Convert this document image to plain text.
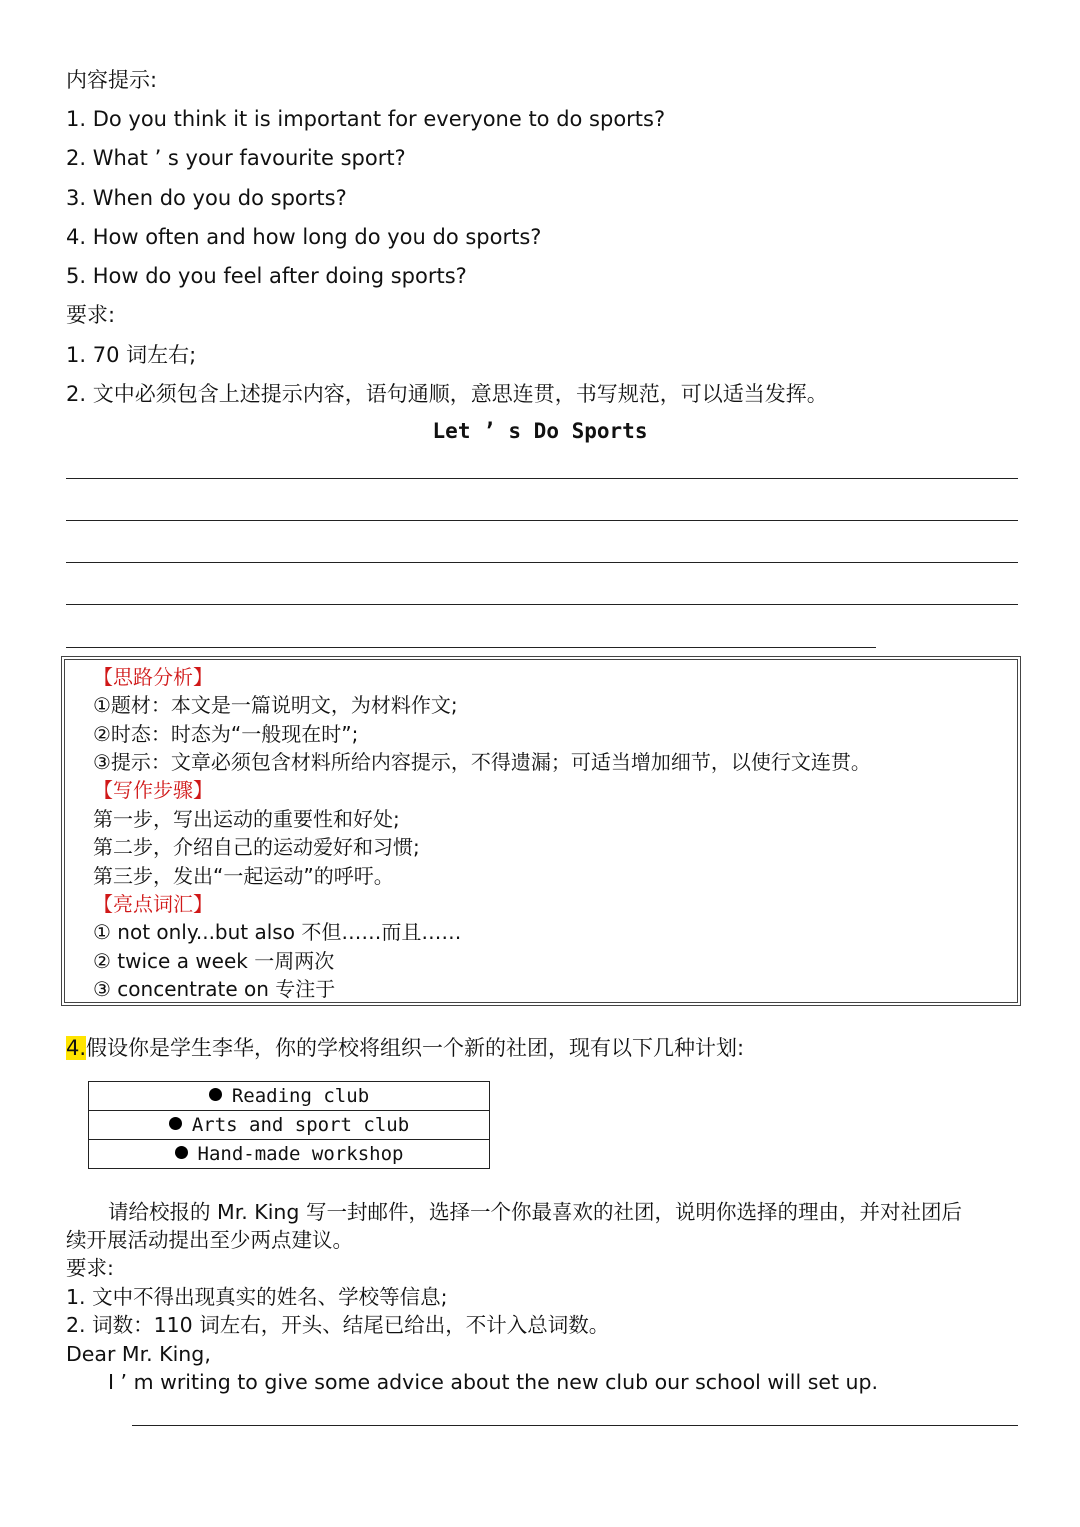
内容提示:
1. Do you think it is important for everyone to do sports?
2. What ’ s your favourite sport?
3. When do you do sports?
4. How often and how long do you do sports?
5. How do you feel after doing sports?
要求:
1. 70 词左右;
2. 文中必须包含上述提示内容，语句通顺，意思连贯，书写规范，可以适当发挥。
Let ’ s Do Sports
【思路分析】
①题材：本文是一篇说明文，为材料作文;
②时态：时态为“一般现在时”;
③提示：文章必须包含材料所给内容提示，不得遗漏；可适当增加细节，以使行文连贯。
【写作步骤】
第一步，写出运动的重要性和好处;
第二步，介绍自己的运动爱好和习惯;
第三步，发出“一起运动”的呼吁。
【亮点词汇】
① not only...but also 不但……而且……
② twice a week 一周两次
③ concentrate on 专注于
4.假设你是学生李华，你的学校将组织一个新的社团，现有以下几种计划:
Reading club
Arts and sport club
Hand-made workshop
请给校报的 Mr. King 写一封邮件，选择一个你最喜欢的社团，说明你选择的理由，并对社团后
续开展活动提出至少两点建议。
要求:
1. 文中不得出现真实的姓名、学校等信息;
2. 词数：110 词左右，开头、结尾已给出，不计入总词数。
Dear Mr. King,
I ’ m writing to give some advice about the new club our school will set up.
